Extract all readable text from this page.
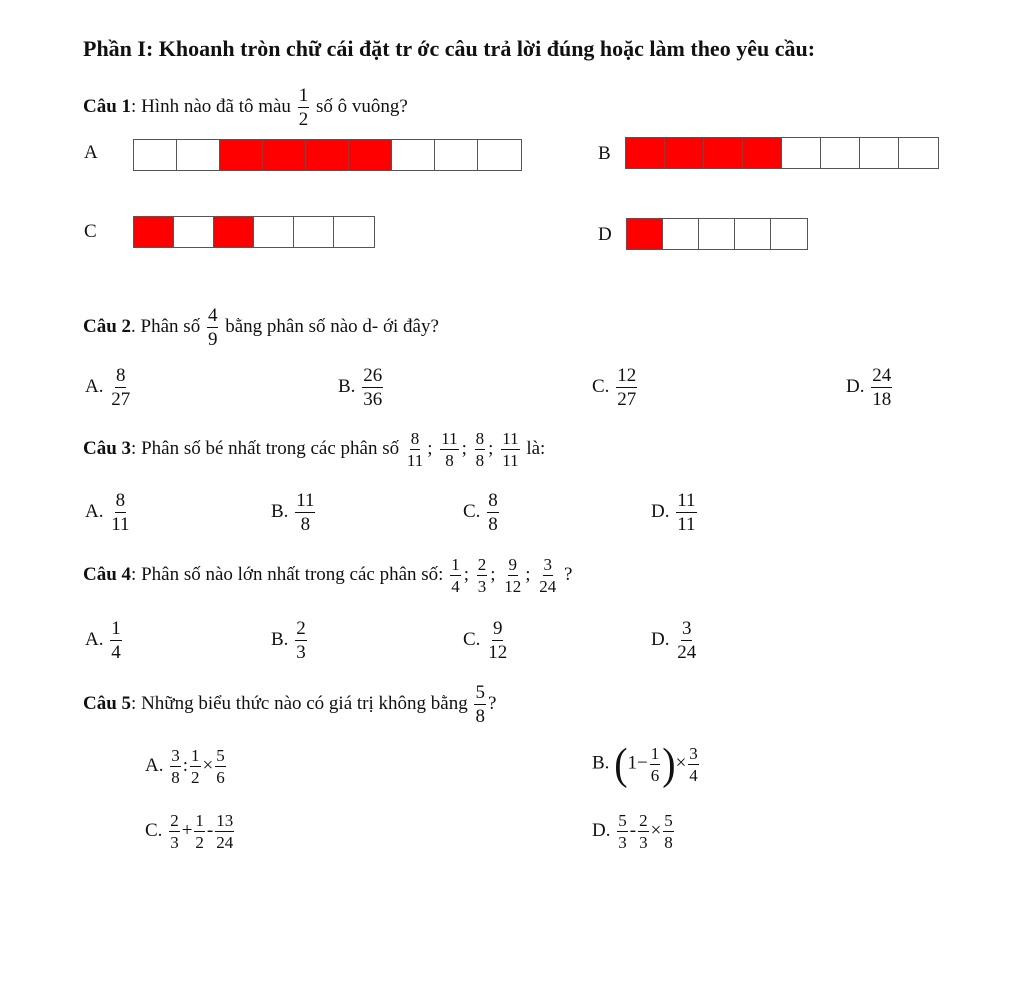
Phần I: Khoanh tròn chữ cái đặt tr ớc câu trả lời đúng hoặc làm theo yêu cầu:
Câu 1: Hình nào đã tô màu $\frac{1}{2}$ số ô vuông?
A	B
C	D
Câu 2. Phân số $\frac{4}{9}$ bằng phân số nào d- ới đây?
A. $\frac{8}{27}$	B. $\frac{26}{36}$	C. $\frac{12}{27}$	D. $\frac{24}{18}$
Câu 3: Phân số bé nhất trong các phân số $\frac{8}{11}$ ; $\frac{11}{8}$ ; $\frac{8}{8}$ ; $\frac{11}{11}$ là:
A. $\frac{8}{11}$	B. $\frac{11}{8}$	C. $\frac{8}{8}$	D. $\frac{11}{11}$
Câu 4: Phân số nào lớn nhất trong các phân số: $\frac{1}{4}$ ; $\frac{2}{3}$ ; $\frac{9}{12}$ ; $\frac{3}{24}$ ?
A. $\frac{1}{4}$	B. $\frac{2}{3}$	C. $\frac{9}{12}$	D. $\frac{3}{24}$
Câu 5: Những biểu thức nào có giá trị không bằng $\frac{5}{8}$ ?
A. $\frac{3}{8}$ : $\frac{1}{2} \times \frac{5}{6}$	B. ($1- \frac{1}{6}$ )× $\frac{3}{4}$
C. $\frac{2}{3} + \frac{1}{2} - \frac{13}{24}$	D. $\frac{5}{3} - \frac{2}{3} \times \frac{5}{8}$
